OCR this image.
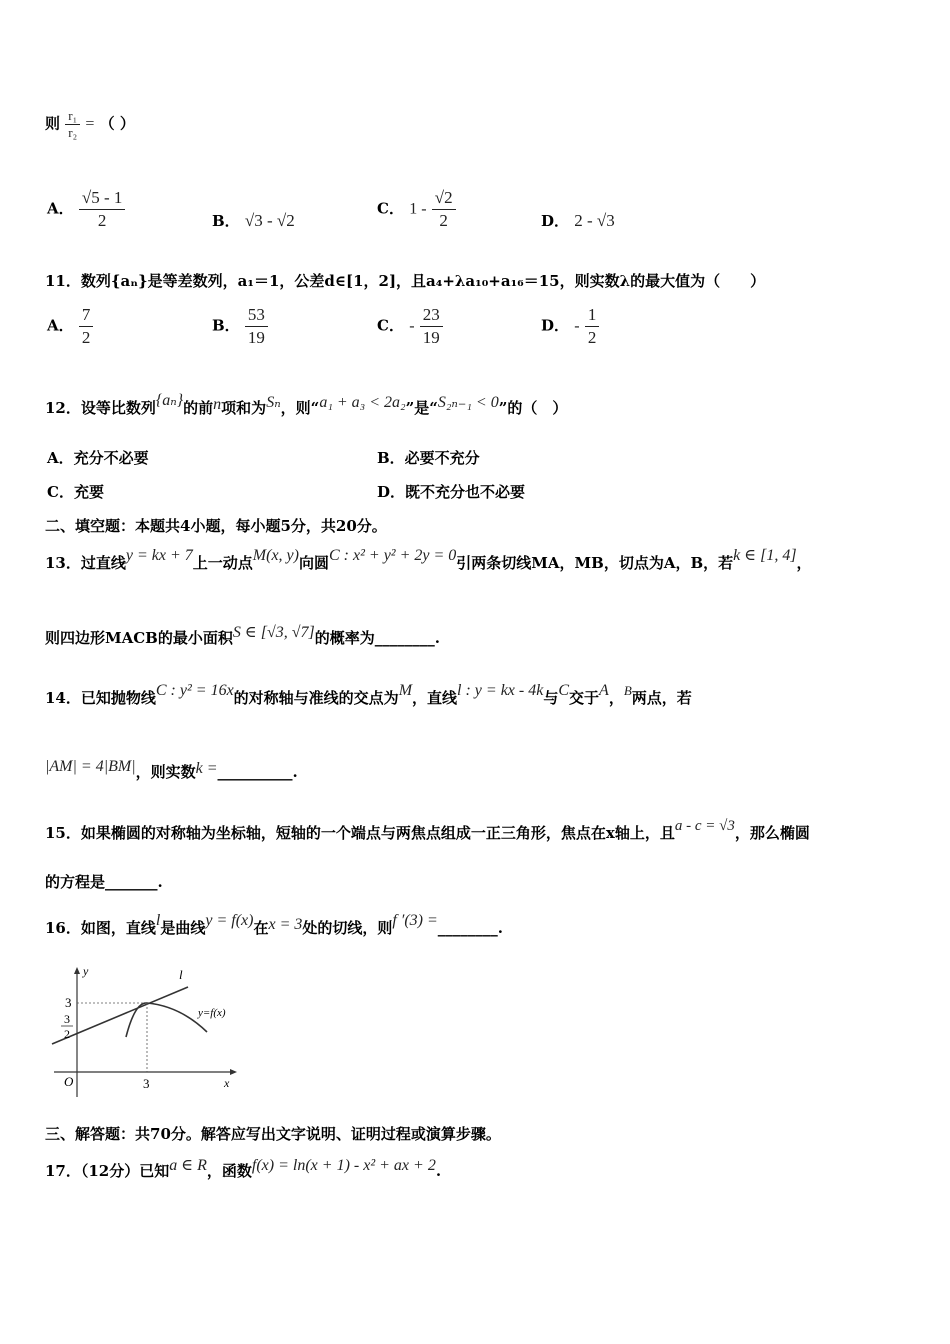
则 $\frac{\text{r₁}}{\text{r₂}}$ = （ ）
A． $\frac{√5 - 1}{2}$	B． √3 - √2
C． $1 - \frac{√2}{2}$	D． 2 - √3
11．数列{aₙ}是等差数列，a₁＝1，公差d∈[1，2]，且a₄+λa₁₀+a₁₆＝15，则实数λ的最大值为（　　）
A． $\frac{7}{2}$	B． $\frac{53}{19}$	C． - $\frac{23}{19}$	D． - $\frac{1}{2}$
12．设等比数列{aₙ}的前n项和为Sₙ，则“a₁ + a₃ < 2a₂”是“S₂ₙ₋₁ < 0”的（　）
A．充分不必要	B．必要不充分
C．充要	D．既不充分也不必要
二、填空题：本题共4小题，每小题5分，共20分。
13．过直线y = kx + 7上一动点M(x, y)向圆C : x² + y² + 2y = 0引两条切线MA，MB，切点为A，B，若k ∈ [1, 4]，
则四边形MACB的最小面积S ∈ [√3, √7]的概率为________.
14．已知抛物线C : y² = 16x的对称轴与准线的交点为M，直线l : y = kx - 4k与C交于A，B两点，若
|AM| = 4|BM|，则实数k =__________.
15．如果椭圆的对称轴为坐标轴，短轴的一个端点与两焦点组成一正三角形，焦点在x轴上，且a - c = √3，那么椭圆
的方程是_______.
16．如图，直线l是曲线y = f(x)在x = 3处的切线，则f ′(3) =________.
y
x
O	3
3
3
2
l
y=f(x)
三、解答题：共70分。解答应写出文字说明、证明过程或演算步骤。
17．（12分）已知a ∈ R，函数f(x) = ln(x + 1) - x² + ax + 2.
